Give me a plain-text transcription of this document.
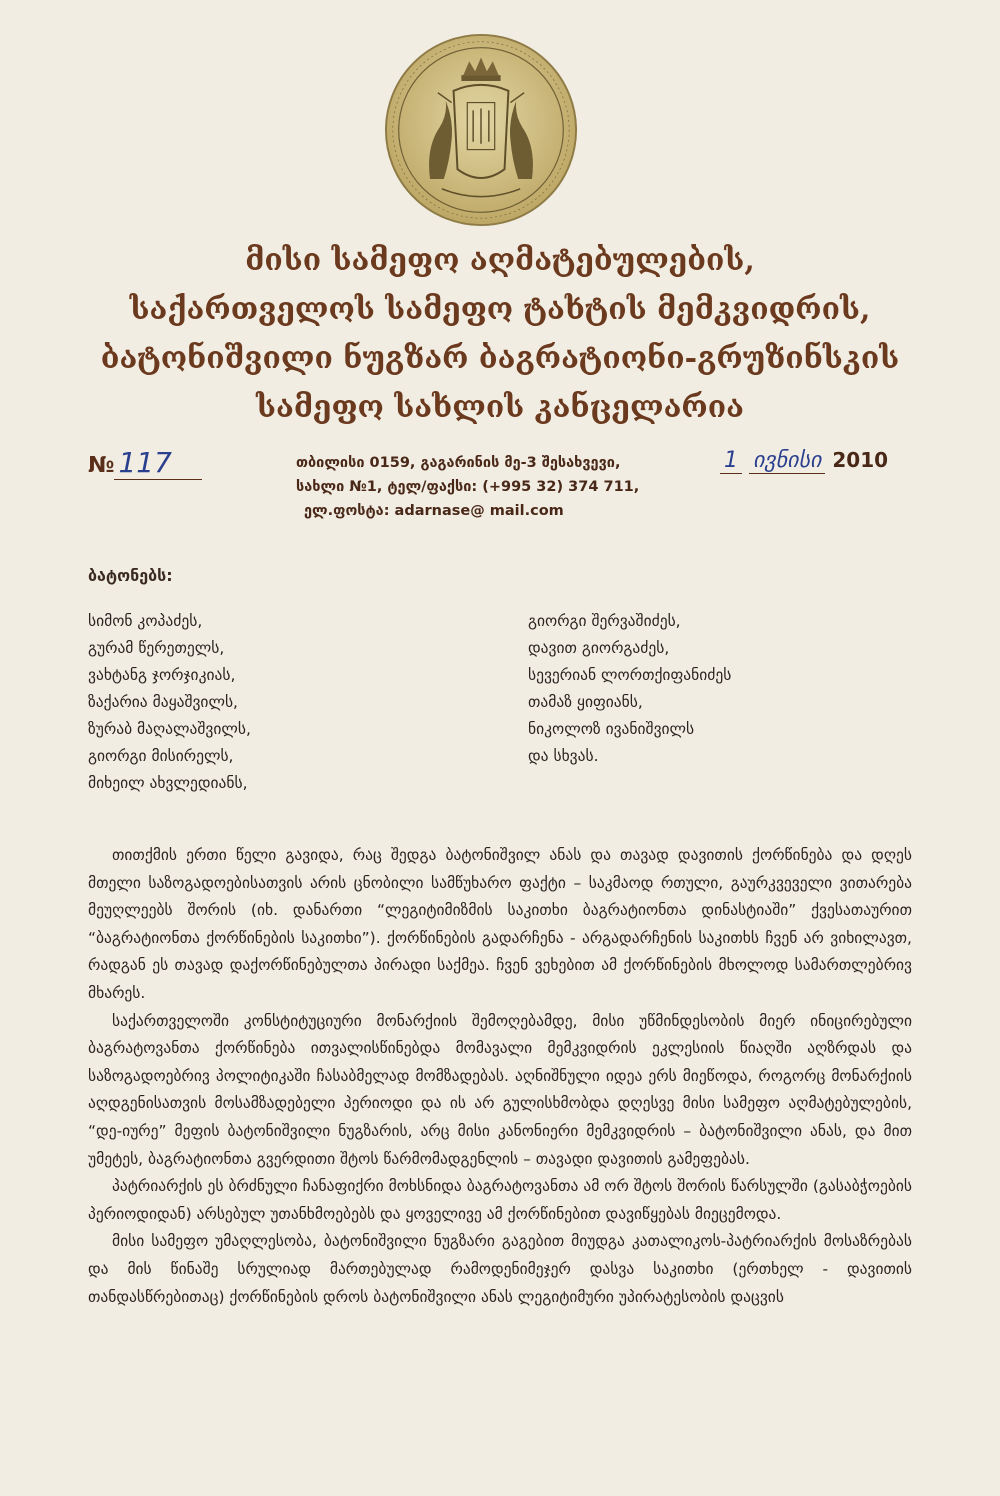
მისი სამეფო აღმატებულების,
საქართველოს სამეფო ტახტის მემკვიდრის,
ბატონიშვილი ნუგზარ ბაგრატიონი-გრუზინსკის
სამეფო სახლის კანცელარია
№ 117	თბილისი 0159, გაგარინის მე-3 შესახვევი,
სახლი №1, ტელ/ფაქსი: (+995 32) 374 711,
ელ.ფოსტა: adarnase@ mail.com
1 ივნისი 2010
ბატონებს:
სიმონ კოპაძეს,
გურამ წერეთელს,
ვახტანგ ჯორჯიკიას,
ზაქარია მაყაშვილს,
ზურაბ მაღალაშვილს,
გიორგი მისირელს,
მიხეილ ახვლედიანს,
გიორგი შერვაშიძეს,
დავით გიორგაძეს,
სევერიან ლორთქიფანიძეს
თამაზ ყიფიანს,
ნიკოლოზ ივანიშვილს
და სხვას.

თითქმის ერთი წელი გავიდა, რაც შედგა ბატონიშვილ ანას და თავად დავითის ქორწინება და დღეს მთელი საზოგადოებისათვის არის ცნობილი სამწუხარო ფაქტი – საკმაოდ რთული, გაურკვეველი ვითარება მეუღლეებს შორის (იხ. დანართი “ლეგიტიმიზმის საკითხი ბაგრატიონთა დინასტიაში” ქვესათაურით “ბაგრატიონთა ქორწინების საკითხი”). ქორწინების გადარჩენა - არგადარჩენის საკითხს ჩვენ არ ვიხილავთ, რადგან ეს თავად დაქორწინებულთა პირადი საქმეა. ჩვენ ვეხებით ამ ქორწინების მხოლოდ სამართლებრივ მხარეს.

საქართველოში კონსტიტუციური მონარქიის შემოღებამდე, მისი უწმინდესობის მიერ ინიცირებული ბაგრატოვანთა ქორწინება ითვალისწინებდა მომავალი მემკვიდრის ეკლესიის წიაღში აღზრდას და საზოგადოებრივ პოლიტიკაში ჩასაბმელად მომზადებას. აღნიშნული იდეა ერს მიეწოდა, როგორც მონარქიის აღდგენისათვის მოსამზადებელი პერიოდი და ის არ გულისხმობდა დღესვე მისი სამეფო აღმატებულების, “დე-იურე” მეფის ბატონიშვილი ნუგზარის, არც მისი კანონიერი მემკვიდრის – ბატონიშვილი ანას, და მით უმეტეს, ბაგრატიონთა გვერდითი შტოს წარმომადგენლის – თავადი დავითის გამეფებას.

პატრიარქის ეს ბრძნული ჩანაფიქრი მოხსნიდა ბაგრატოვანთა ამ ორ შტოს შორის წარსულში (გასაბჭოების პერიოდიდან) არსებულ უთანხმოებებს და ყოველივე ამ ქორწინებით დავიწყებას მიეცემოდა.

მისი სამეფო უმაღლესობა, ბატონიშვილი ნუგზარი გაგებით მიუდგა კათალიკოს-პატრიარქის მოსაზრებას და მის წინაშე სრულიად მართებულად რამოდენიმეჯერ დასვა საკითხი (ერთხელ - დავითის თანდასწრებითაც) ქორწინების დროს ბატონიშვილი ანას ლეგიტიმური უპირატესობის დაცვის
